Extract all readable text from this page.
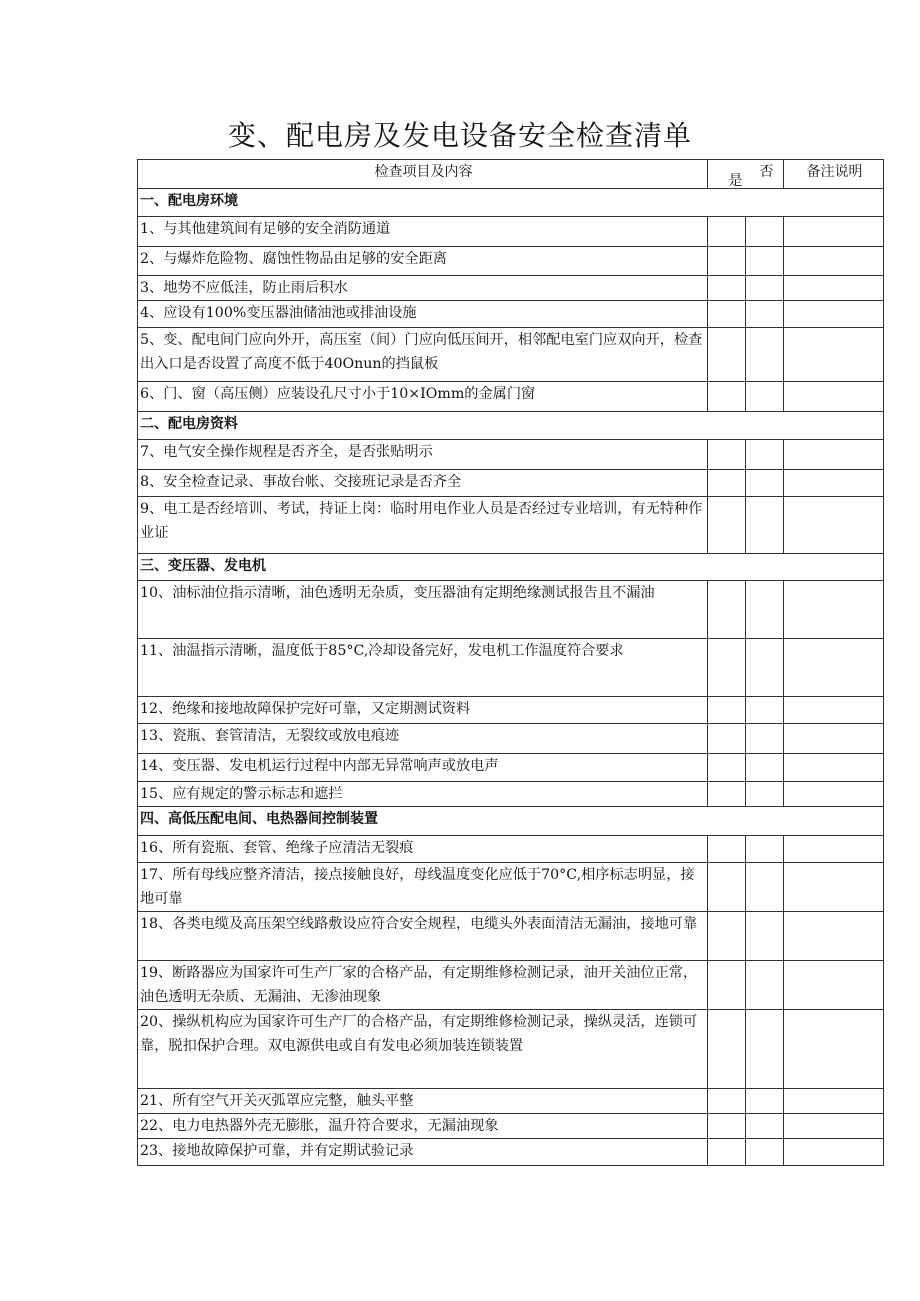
变、配电房及发电设备安全检查清单
检查项目及内容	是	否	备注说明
一、配电房环境			
1、与其他建筑间有足够的安全消防通道			
2、与爆炸危险物、腐蚀性物品由足够的安全距离			
3、地势不应低洼，防止雨后积水			
4、应设有100%变压器油储油池或排油设施			
5、变、配电间门应向外开，高压室（间）门应向低压间开，相邻配电室门应双向开，检查出入口是否设置了高度不低于40Onun的挡鼠板			
6、门、窗（高压侧）应装设孔尺寸小于10×IOmm的金属门窗			
二、配电房资料			
7、电气安全操作规程是否齐全，是否张贴明示			
8、安全检查记录、事故台帐、交接班记录是否齐全			
9、电工是否经培训、考试，持证上岗：临时用电作业人员是否经过专业培训，有无特种作业证			
三、变压器、发电机			
10、油标油位指示清晰，油色透明无杂质，变压器油有定期绝缘测试报告且不漏油			
11、油温指示清晰，温度低于85°C,冷却设备完好，发电机工作温度符合要求			
12、绝缘和接地故障保护完好可靠，又定期测试资料			
13、瓷瓶、套管清洁，无裂纹或放电痕迹			
14、变压器、发电机运行过程中内部无异常响声或放电声			
15、应有规定的警示标志和遮拦			
四、高低压配电间、电热器间控制装置			
16、所有瓷瓶、套管、绝缘子应清洁无裂痕			
17、所有母线应整齐清洁，接点接触良好，母线温度变化应低于70°C,相序标志明显，接地可靠			
18、各类电缆及高压架空线路敷设应符合安全规程，电缆头外表面清洁无漏油，接地可靠			
19、断路器应为国家许可生产厂家的合格产品，有定期维修检测记录，油开关油位正常，油色透明无杂质、无漏油、无渗油现象			
20、操纵机构应为国家许可生产厂的合格产品，有定期维修检测记录，操纵灵活，连锁可靠，脱扣保护合理。双电源供电或自有发电必须加装连锁装置			
21、所有空气开关灭弧罩应完整，触头平整			
22、电力电热器外壳无膨胀，温升符合要求，无漏油现象			
23、接地故障保护可靠，并有定期试验记录			
